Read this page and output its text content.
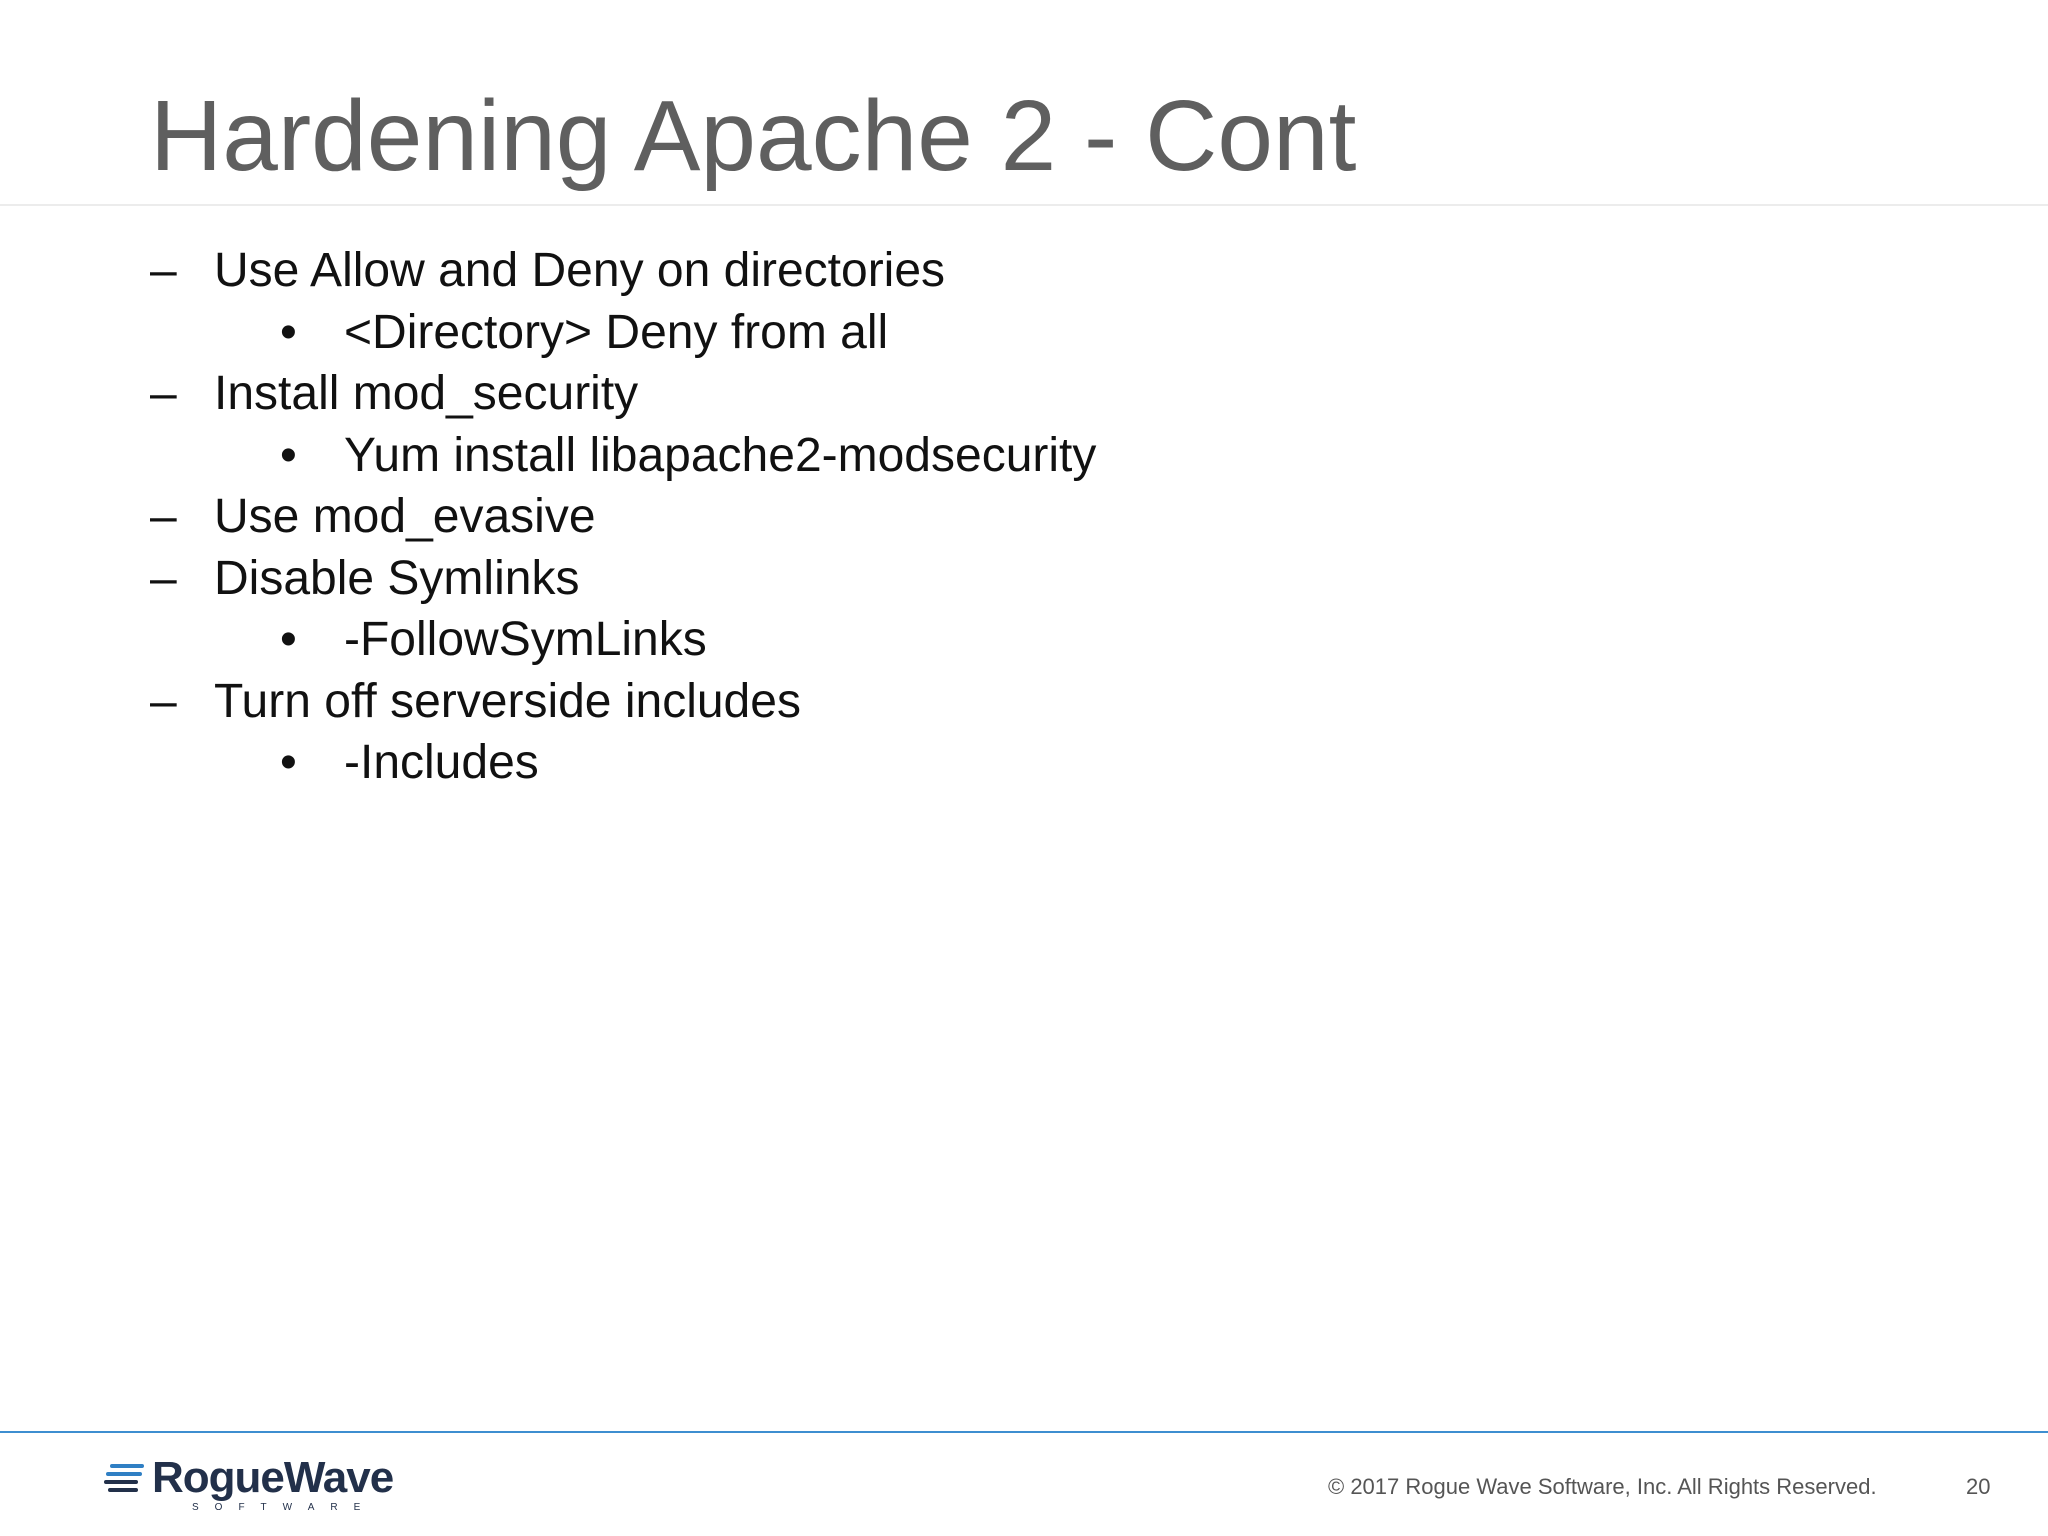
Hardening Apache 2 - Cont
– Use Allow and Deny on directories
• <Directory> Deny from all
– Install mod_security
• Yum install libapache2-modsecurity
– Use mod_evasive
– Disable Symlinks
• -FollowSymLinks
– Turn off serverside includes
• -Includes
RogueWave
SOFTWARE
© 2017 Rogue Wave Software, Inc. All Rights Reserved.	20
